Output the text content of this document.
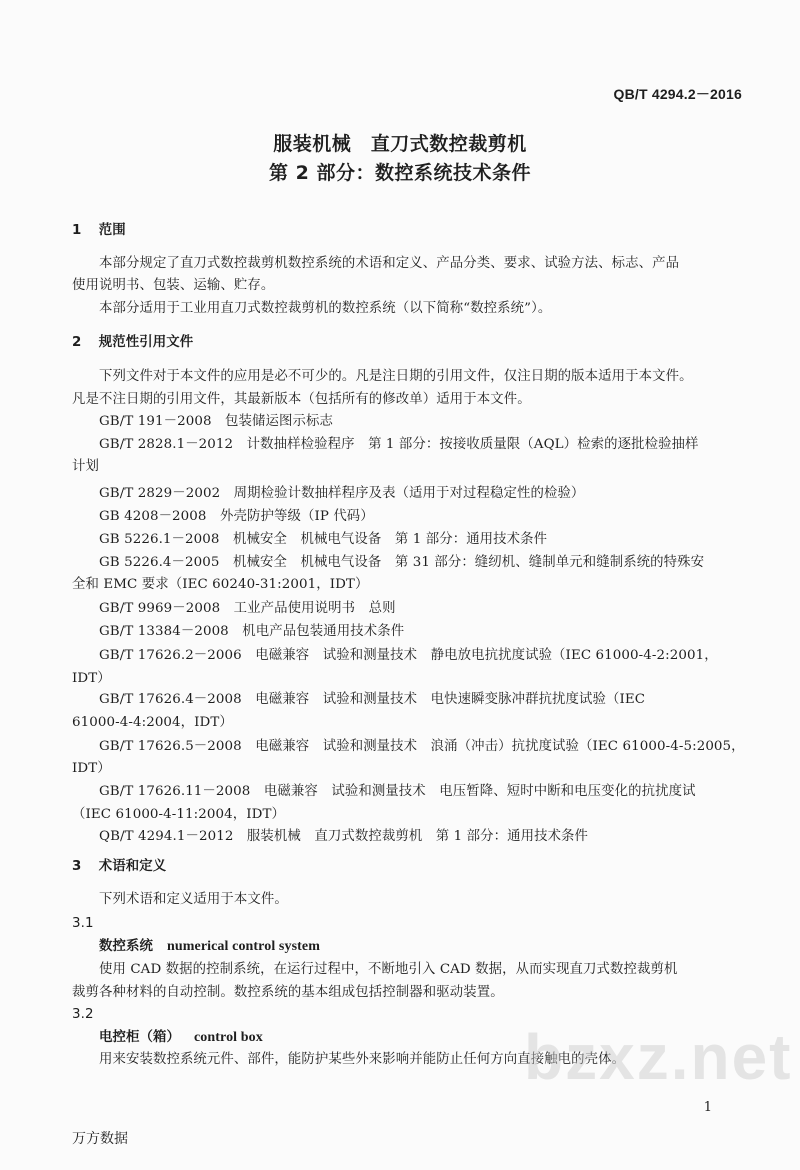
QB/T 4294.2－2016
服装机械　直刀式数控裁剪机
第 2 部分：数控系统技术条件
1 范围
本部分规定了直刀式数控裁剪机数控系统的术语和定义、产品分类、要求、试验方法、标志、产品
使用说明书、包装、运输、贮存。
本部分适用于工业用直刀式数控裁剪机的数控系统（以下简称“数控系统”）。
2 规范性引用文件
下列文件对于本文件的应用是必不可少的。凡是注日期的引用文件，仅注日期的版本适用于本文件。
凡是不注日期的引用文件，其最新版本（包括所有的修改单）适用于本文件。
GB/T 191－2008　包装储运图示标志
GB/T 2828.1－2012　计数抽样检验程序　第 1 部分：按接收质量限（AQL）检索的逐批检验抽样
计划
GB/T 2829－2002　周期检验计数抽样程序及表（适用于对过程稳定性的检验）
GB 4208－2008　外壳防护等级（IP 代码）
GB 5226.1－2008　机械安全　机械电气设备　第 1 部分：通用技术条件
GB 5226.4－2005　机械安全　机械电气设备　第 31 部分：缝纫机、缝制单元和缝制系统的特殊安
全和 EMC 要求（IEC 60240-31:2001，IDT）
GB/T 9969－2008　工业产品使用说明书　总则
GB/T 13384－2008　机电产品包装通用技术条件
GB/T 17626.2－2006　电磁兼容　试验和测量技术　静电放电抗扰度试验（IEC 61000-4-2:2001，
IDT）
GB/T 17626.4－2008　电磁兼容　试验和测量技术　电快速瞬变脉冲群抗扰度试验（IEC
61000-4-4:2004，IDT）
GB/T 17626.5－2008　电磁兼容　试验和测量技术　浪涌（冲击）抗扰度试验（IEC 61000-4-5:2005，
IDT）
GB/T 17626.11－2008　电磁兼容　试验和测量技术　电压暂降、短时中断和电压变化的抗扰度试
（IEC 61000-4-11:2004，IDT）
QB/T 4294.1－2012　服装机械　直刀式数控裁剪机　第 1 部分：通用技术条件
3 术语和定义
下列术语和定义适用于本文件。
3.1
数控系统 numerical control system
使用 CAD 数据的控制系统，在运行过程中，不断地引入 CAD 数据，从而实现直刀式数控裁剪机
裁剪各种材料的自动控制。数控系统的基本组成包括控制器和驱动装置。
3.2
电控柜（箱） control box
用来安装数控系统元件、部件，能防护某些外来影响并能防止任何方向直接触电的壳体。
bzxz.net
1
万方数据
